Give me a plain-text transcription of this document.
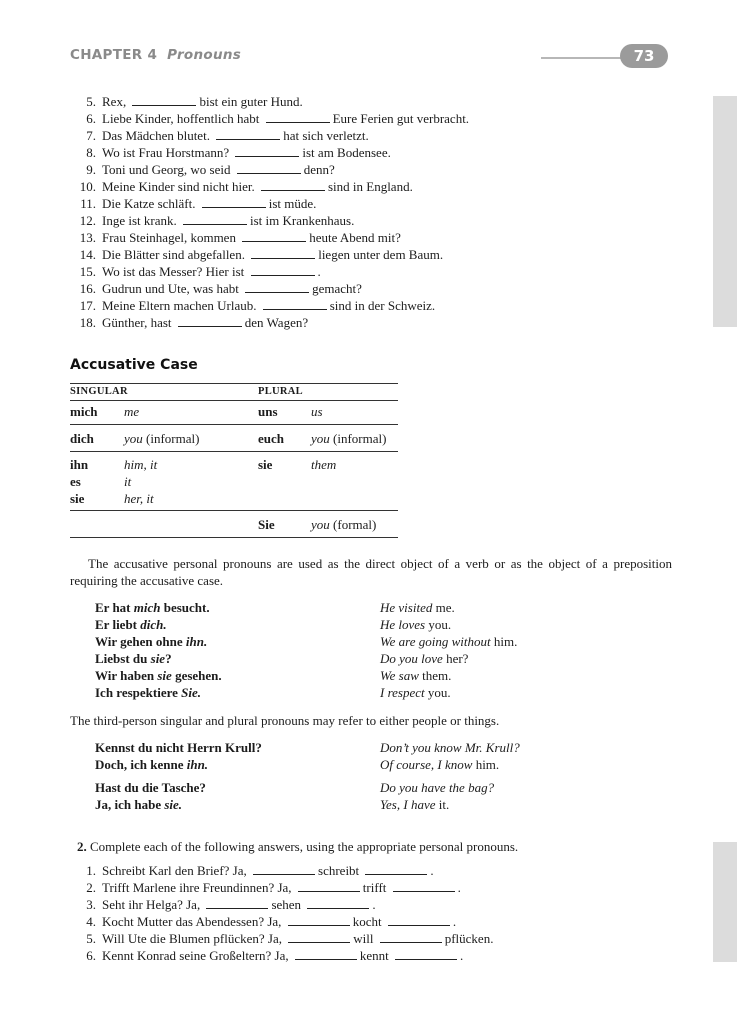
CHAPTER 4 Pronouns	73
5. Rex,	bist ein guter Hund.
6. Liebe Kinder, hoffentlich habt	Eure Ferien gut verbracht.
7. Das Mädchen blutet.	hat sich verletzt.
8. Wo ist Frau Horstmann?	ist am Bodensee.
9. Toni und Georg, wo seid	denn?
10. Meine Kinder sind nicht hier.	sind in England.
11. Die Katze schläft.	ist müde.
12. Inge ist krank.	ist im Krankenhaus.
13. Frau Steinhagel, kommen	heute Abend mit?
14. Die Blätter sind abgefallen.	liegen unter dem Baum.
15. Wo ist das Messer? Hier ist	.
16. Gudrun und Ute, was habt	gemacht?
17. Meine Eltern machen Urlaub.	sind in der Schweiz.
18. Günther, hast	den Wagen?
Accusative Case
SINGULAR	PLURAL
mich me	uns	us
dich you (informal)	euch you (informal)
ihn	him, it	sie	them
es	it
sie	her, it
Sie	you (formal)
The accusative personal pronouns are used as the direct object of a verb or as the object of a preposition requiring the accusative case.
Er hat mich besucht.	He visited me.
Er liebt dich.	He loves you.
Wir gehen ohne ihn.	We are going without him.
Liebst du sie?	Do you love her?
Wir haben sie gesehen.	We saw them.
Ich respektiere Sie.	I respect you.
The third-person singular and plural pronouns may refer to either people or things.
Kennst du nicht Herrn Krull?	Don’t you know Mr. Krull?
Doch, ich kenne ihn.	Of course, I know him.
Hast du die Tasche?	Do you have the bag?
Ja, ich habe sie.	Yes, I have it.
2. Complete each of the following answers, using the appropriate personal pronouns.
1. Schreibt Karl den Brief? Ja,	schreibt	.
2. Trifft Marlene ihre Freundinnen? Ja,	trifft	.
3. Seht ihr Helga? Ja,	sehen	.
4. Kocht Mutter das Abendessen? Ja,	kocht	.
5. Will Ute die Blumen pflücken? Ja,	will	pflücken.
6. Kennt Konrad seine Großeltern? Ja,	kennt	.
